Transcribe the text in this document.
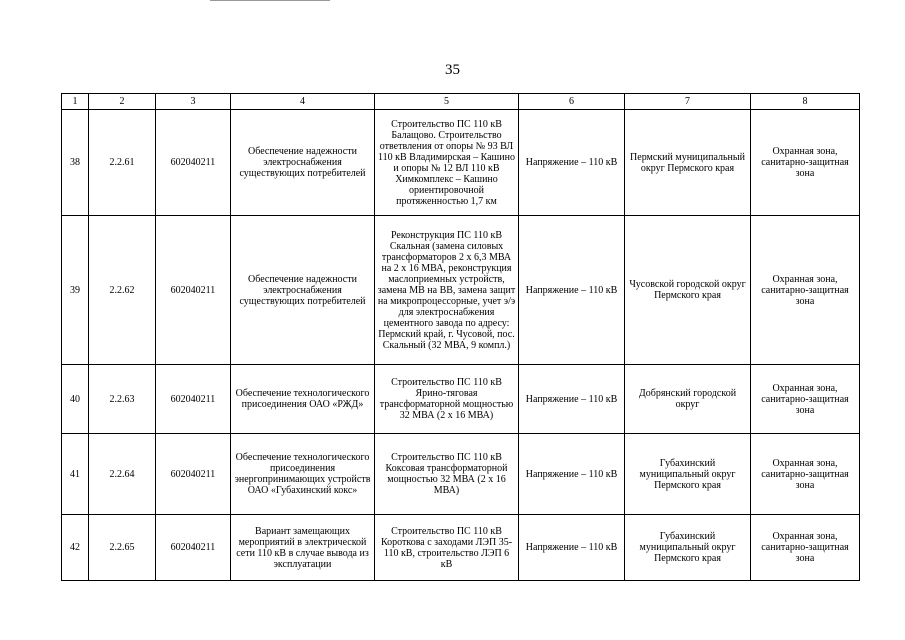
35
1	2	3	4	5	6	7	8
38	2.2.61	602040211	Обеспечение надежности электроснабжения существующих потребителей	Строительство ПС 110 кВ Балащово. Строительство ответвления от опоры № 93 ВЛ 110 кВ Владимирская – Кашино и опоры № 12 ВЛ 110 кВ Химкомплекс – Кашино ориентировочной протяженностью 1,7 км	Напряжение – 110 кВ	Пермский муниципальный округ Пермского края	Охранная зона, санитарно-защитная зона
39	2.2.62	602040211	Обеспечение надежности электроснабжения существующих потребителей	Реконструкция ПС 110 кВ Скальная (замена силовых трансформаторов 2 х 6,3 МВА на 2 х 16 МВА, реконструкция маслоприемных устройств, замена МВ на ВВ, замена защит на микропроцессорные, учет э/э для электроснабжения цементного завода по адресу: Пермский край, г. Чусовой, пос. Скальный (32 МВА, 9 компл.)	Напряжение – 110 кВ	Чусовской городской округ Пермского края	Охранная зона, санитарно-защитная зона
40	2.2.63	602040211	Обеспечение технологического присоединения ОАО «РЖД»	Строительство ПС 110 кВ Ярино-тяговая трансформаторной мощностью 32 МВА (2 х 16 МВА)	Напряжение – 110 кВ	Добрянский городской округ	Охранная зона, санитарно-защитная зона
41	2.2.64	602040211	Обеспечение технологического присоединения энергопринимающих устройств ОАО «Губахинский кокс»	Строительство ПС 110 кВ Коксовая трансформаторной мощностью 32 МВА (2 х 16 МВА)	Напряжение – 110 кВ	Губахинский муниципальный округ Пермского края	Охранная зона, санитарно-защитная зона
42	2.2.65	602040211	Вариант замещающих мероприятий в электрической сети 110 кВ в случае вывода из эксплуатации	Строительство ПС 110 кВ Короткова с заходами ЛЭП 35-110 кВ, строительство ЛЭП 6 кВ	Напряжение – 110 кВ	Губахинский муниципальный округ Пермского края	Охранная зона, санитарно-защитная зона
